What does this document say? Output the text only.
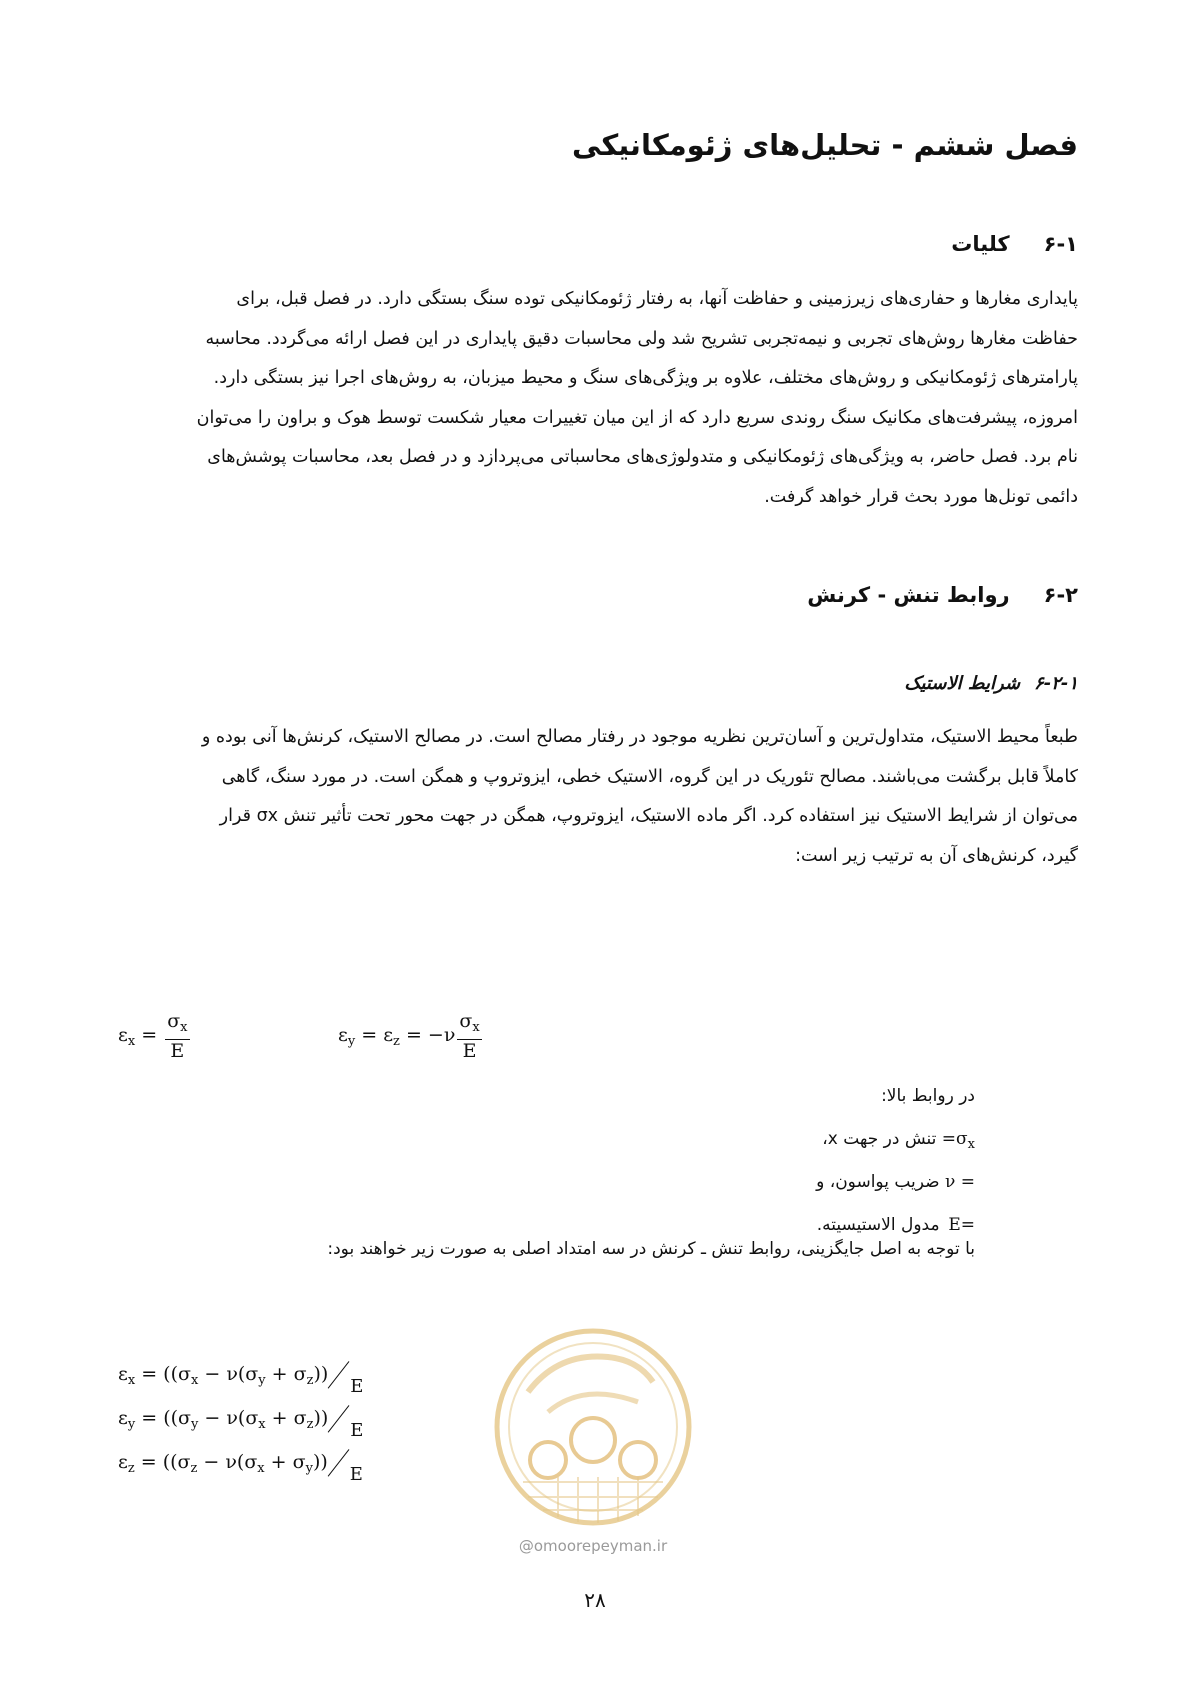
فصل ششم - تحلیل‌های ژئومکانیکی
۶-۱کلیات

پایداری مغارها و حفاری‌های زیرزمینی و حفاظت آنها، به رفتار ژئومکانیکی توده سنگ بستگی دارد. در فصل قبل، برای

حفاظت مغارها روش‌های تجربی و نیمه‌تجربی تشریح شد ولی محاسبات دقیق پایداری در این فصل ارائه می‌گردد. محاسبه

پارامترهای ژئومکانیکی و روش‌های مختلف، علاوه بر ویژگی‌های سنگ و محیط میزبان، به روش‌های اجرا نیز بستگی دارد.

امروزه، پیشرفت‌های مکانیک سنگ روندی سریع دارد که از این میان تغییرات معیار شکست توسط هوک و براون را می‌توان

نام برد. فصل حاضر، به ویژگی‌های ژئومکانیکی و متدولوژی‌های محاسباتی می‌پردازد و در فصل بعد، محاسبات پوشش‌های

دائمی تونل‌ها مورد بحث قرار خواهد گرفت.

۶-۲روابط تنش - کرنش
۶-۲-۱شرایط الاستیک

طبعاً محیط الاستیک، متداول‌ترین و آسان‌ترین نظریه موجود در رفتار مصالح است. در مصالح الاستیک، کرنش‌ها آنی بوده و

کاملاً قابل برگشت می‌باشند. مصالح تئوریک در این گروه، الاستیک خطی، ایزوتروپ و همگن است. در مورد سنگ، گاهی

می‌توان از شرایط الاستیک نیز استفاده کرد. اگر ماده الاستیک، ایزوتروپ، همگن در جهت محور تحت تأثیر تنش σx قرار

گیرد، کرنش‌های آن به ترتیب زیر است:

$\varepsilon_x = \frac{\sigma_x}{E}$	$\varepsilon_y = \varepsilon_z = -\nu \frac{\sigma_x}{E}$
در روابط بالا:
$=\sigma_x$ تنش در جهت x،
ν = ضریب پواسون، و
E= مدول الاستیسیته.
با توجه به اصل جایگزینی، روابط تنش ـ کرنش در سه امتداد اصلی به صورت زیر خواهند بود:
$\varepsilon_x = ((\sigma_x - \nu(\sigma_y + \sigma_z))E$
$\varepsilon_y = ((\sigma_y - \nu(\sigma_x + \sigma_z))E$
$\varepsilon_z = ((\sigma_z - \nu(\sigma_x + \sigma_y))E$
@omoorepeyman.ir
۲۸
